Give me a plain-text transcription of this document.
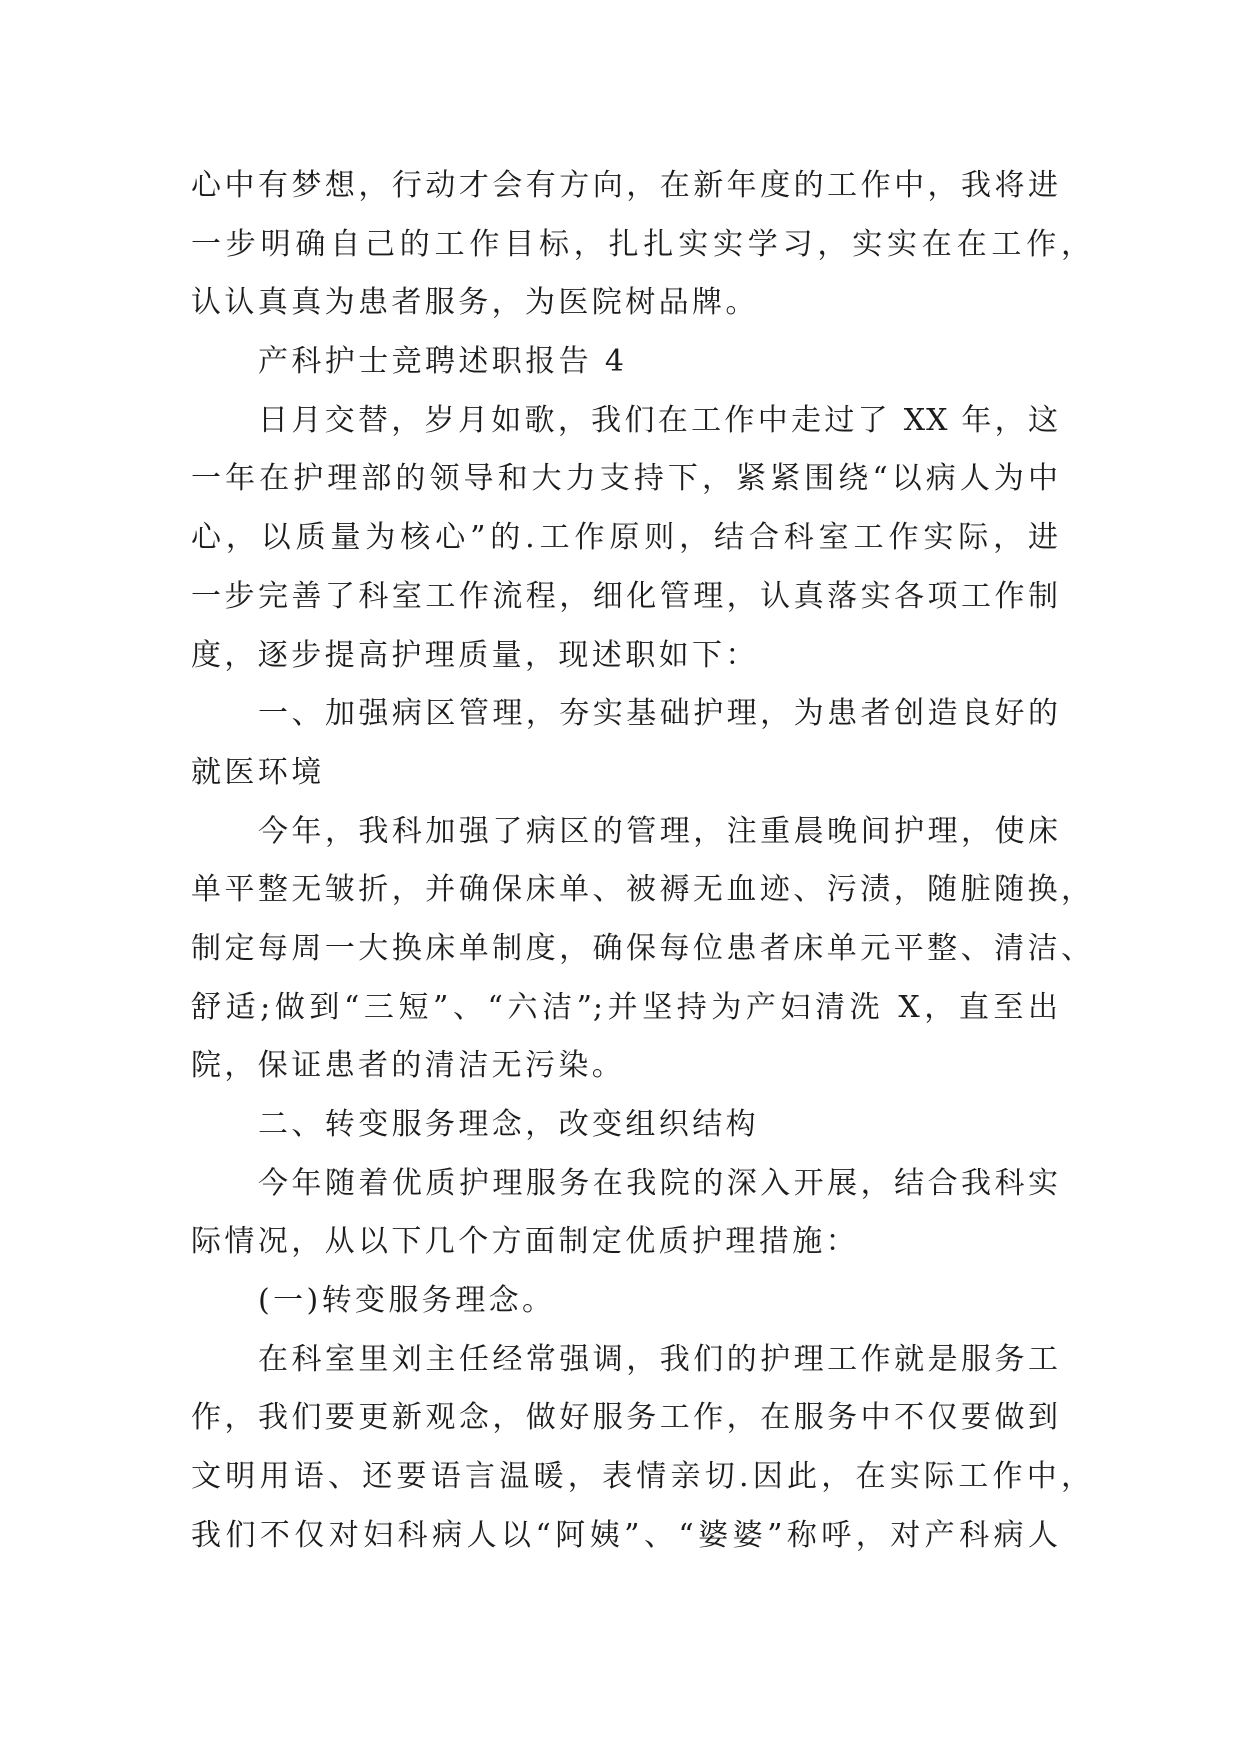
心中有梦想，行动才会有方向，在新年度的工作中，我将进
一步明确自己的工作目标，扎扎实实学习，实实在在工作，
认认真真为患者服务，为医院树品牌。
产科护士竞聘述职报告 4
日月交替，岁月如歌，我们在工作中走过了 XX 年，这
一年在护理部的领导和大力支持下，紧紧围绕“以病人为中
心，以质量为核心”的.工作原则，结合科室工作实际，进
一步完善了科室工作流程，细化管理，认真落实各项工作制
度，逐步提高护理质量，现述职如下：
一、加强病区管理，夯实基础护理，为患者创造良好的
就医环境
今年，我科加强了病区的管理，注重晨晚间护理，使床
单平整无皱折，并确保床单、被褥无血迹、污渍，随脏随换，
制定每周一大换床单制度，确保每位患者床单元平整、清洁、
舒适;做到“三短”、“六洁”;并坚持为产妇清洗 X，直至出
院，保证患者的清洁无污染。
二、转变服务理念，改变组织结构
今年随着优质护理服务在我院的深入开展，结合我科实
际情况，从以下几个方面制定优质护理措施：
(一)转变服务理念。
在科室里刘主任经常强调，我们的护理工作就是服务工
作，我们要更新观念，做好服务工作，在服务中不仅要做到
文明用语、还要语言温暖，表情亲切.因此，在实际工作中，
我们不仅对妇科病人以“阿姨”、“婆婆”称呼，对产科病人
